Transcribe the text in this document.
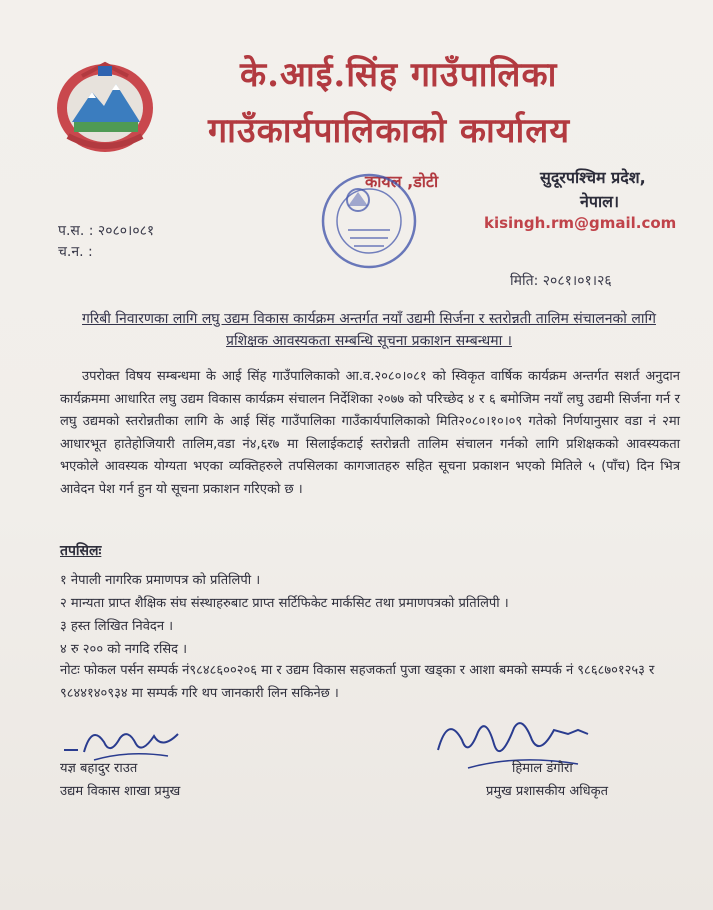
के.आई.सिंह गाउँपालिका
गाउँकार्यपालिकाको कार्यालय
कायल ,डोटी	सुदूरपश्चिम प्रदेश,
नेपाल।
kisingh.rm@gmail.com
प.स. : २०८०।०८१
च.न. :
मिति: २०८१।०१।२६
गरिबी निवारणका लागि लघु उद्यम विकास कार्यक्रम अन्तर्गत नयाँ उद्यमी सिर्जना र स्तरोन्नती तालिम संचालनको लागि प्रशिक्षक आवस्यकता सम्बन्धि सूचना प्रकाशन सम्बन्धमा ।
उपरोक्त विषय सम्बन्धमा के आई सिंह गाउँपालिकाको आ.व.२०८०।०८१ को स्विकृत वार्षिक कार्यक्रम अन्तर्गत सशर्त अनुदान कार्यक्रममा आधारित लघु उद्यम विकास कार्यक्रम संचालन निर्देशिका २०७७ को परिच्छेद ४ र ६ बमोजिम नयाँ लघु उद्यमी सिर्जना गर्न र लघु उद्यमको स्तरोन्नतीका लागि के आई सिंह गाउँपालिका गाउँकार्यपालिकाको मिति२०८०।१०।०९ गतेको निर्णयानुसार वडा नं २मा आधारभूत हातेहोजियारी तालिम,वडा नं४,६र७ मा सिलाईकटाई स्तरोन्नती तालिम संचालन गर्नको लागि प्रशिक्षकको आवस्यकता भएकोले आवस्यक योग्यता भएका व्यक्तिहरुले तपसिलका कागजातहरु सहित सूचना प्रकाशन भएको मितिले ५ (पाँच) दिन भित्र आवेदन पेश गर्न हुन यो सूचना प्रकाशन गरिएको छ ।
तपसिलः
१ नेपाली नागरिक प्रमाणपत्र को प्रतिलिपी ।
२ मान्यता प्राप्त शैक्षिक संघ संस्थाहरुबाट प्राप्त सर्टिफिकेट मार्कसिट तथा प्रमाणपत्रको प्रतिलिपी ।
३ हस्त लिखित निवेदन ।
४ रु २०० को नगदि रसिद ।
नोटः फोकल पर्सन सम्पर्क नं९८४८६००२०६ मा र उद्यम विकास सहजकर्ता पुजा खड्का र आशा बमको सम्पर्क नं ९८६८७०१२५३ र ९८४४१४०९३४ मा सम्पर्क गरि थप जानकारी लिन सकिनेछ ।
यज्ञ बहादुर राउत
उद्यम विकास शाखा प्रमुख
हिमाल डंगौरा
प्रमुख प्रशासकीय अधिकृत
